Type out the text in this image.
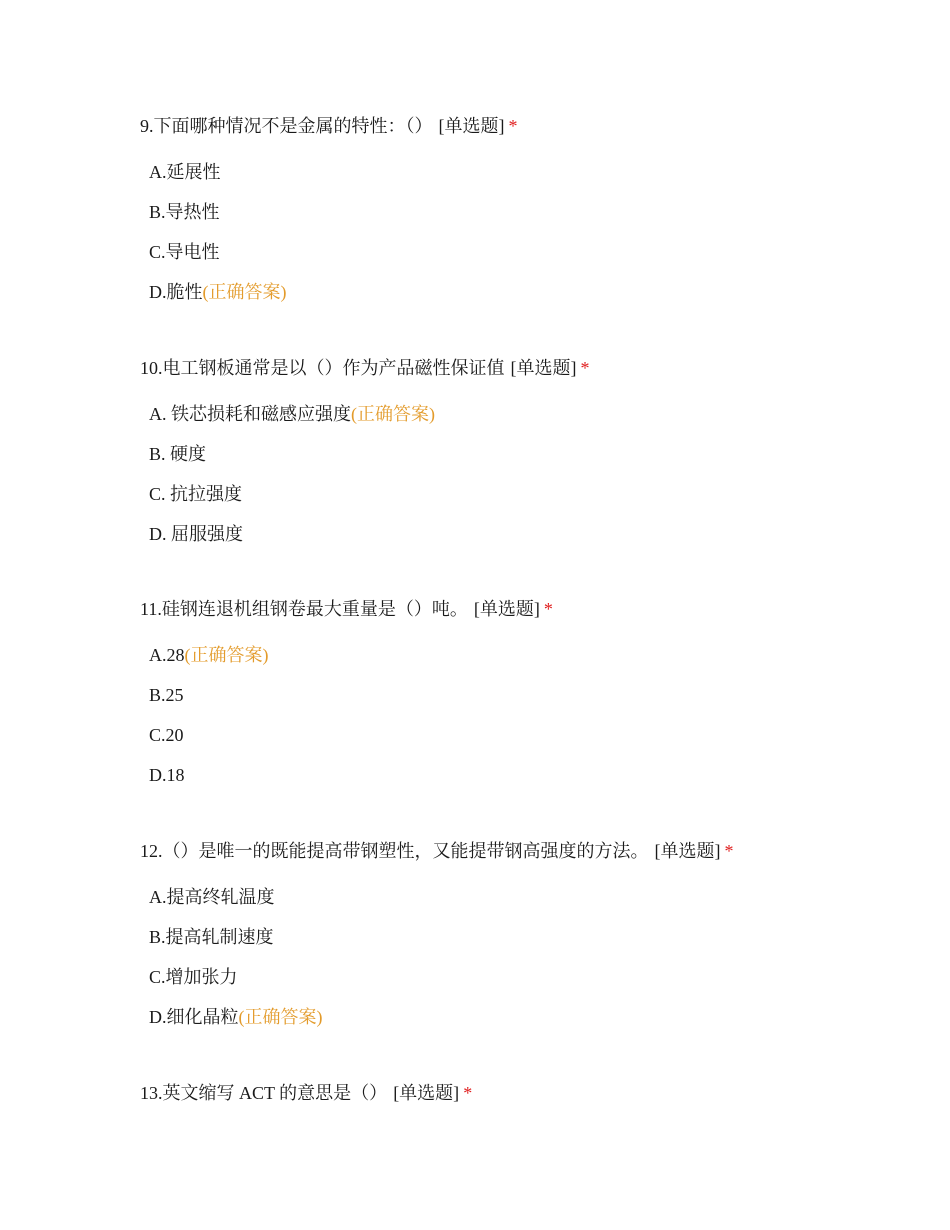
9.下面哪种情况不是金属的特性：（） [单选题] *
A.延展性
B.导热性
C.导电性
D.脆性(正确答案)
10.电工钢板通常是以（）作为产品磁性保证值 [单选题] *
A. 铁芯损耗和磁感应强度(正确答案)
B. 硬度
C. 抗拉强度
D. 屈服强度
11.硅钢连退机组钢卷最大重量是（）吨。 [单选题] *
A.28(正确答案)
B.25
C.20
D.18
12.（）是唯一的既能提高带钢塑性，又能提带钢高强度的方法。 [单选题] *
A.提高终轧温度
B.提高轧制速度
C.增加张力
D.细化晶粒(正确答案)
13.英文缩写 ACT 的意思是（） [单选题] *
